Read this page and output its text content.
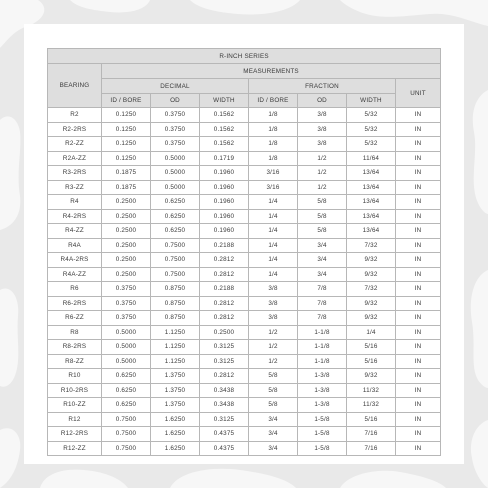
R-INCH SERIES							
BEARING	MEASUREMENTS						
	DECIMAL			FRACTION			UNIT
	ID / BORE	OD	WIDTH	ID / BORE	OD	WIDTH	
R2	0.1250	0.3750	0.1562	1/8	3/8	5/32	IN
R2-2RS	0.1250	0.3750	0.1562	1/8	3/8	5/32	IN
R2-ZZ	0.1250	0.3750	0.1562	1/8	3/8	5/32	IN
R2A-ZZ	0.1250	0.5000	0.1719	1/8	1/2	11/64	IN
R3-2RS	0.1875	0.5000	0.1960	3/16	1/2	13/64	IN
R3-ZZ	0.1875	0.5000	0.1960	3/16	1/2	13/64	IN
R4	0.2500	0.6250	0.1960	1/4	5/8	13/64	IN
R4-2RS	0.2500	0.6250	0.1960	1/4	5/8	13/64	IN
R4-ZZ	0.2500	0.6250	0.1960	1/4	5/8	13/64	IN
R4A	0.2500	0.7500	0.2188	1/4	3/4	7/32	IN
R4A-2RS	0.2500	0.7500	0.2812	1/4	3/4	9/32	IN
R4A-ZZ	0.2500	0.7500	0.2812	1/4	3/4	9/32	IN
R6	0.3750	0.8750	0.2188	3/8	7/8	7/32	IN
R6-2RS	0.3750	0.8750	0.2812	3/8	7/8	9/32	IN
R6-ZZ	0.3750	0.8750	0.2812	3/8	7/8	9/32	IN
R8	0.5000	1.1250	0.2500	1/2	1-1/8	1/4	IN
R8-2RS	0.5000	1.1250	0.3125	1/2	1-1/8	5/16	IN
R8-ZZ	0.5000	1.1250	0.3125	1/2	1-1/8	5/16	IN
R10	0.6250	1.3750	0.2812	5/8	1-3/8	9/32	IN
R10-2RS	0.6250	1.3750	0.3438	5/8	1-3/8	11/32	IN
R10-ZZ	0.6250	1.3750	0.3438	5/8	1-3/8	11/32	IN
R12	0.7500	1.6250	0.3125	3/4	1-5/8	5/16	IN
R12-2RS	0.7500	1.6250	0.4375	3/4	1-5/8	7/16	IN
R12-ZZ	0.7500	1.6250	0.4375	3/4	1-5/8	7/16	IN
